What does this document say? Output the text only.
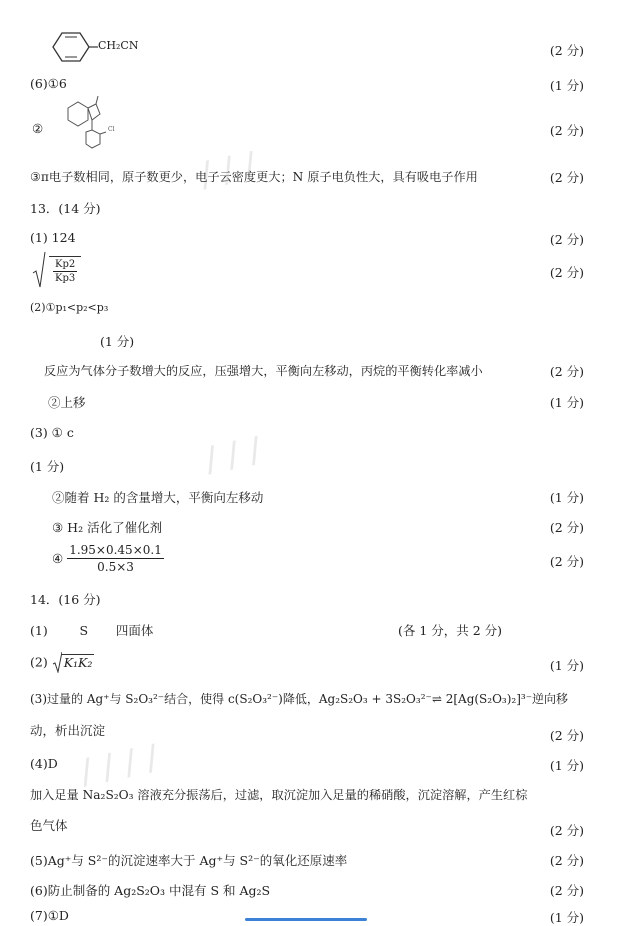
∕ ∕ ∕
∕ ∕ ∕
∕ ∕ ∕ ∕
CH₂CN	(2 分)
(6)①6	(1 分)
②	Cl	(2 分)
③π电子数相同，原子数更少，电子云密度更大；N 原子电负性大，具有吸电子作用	(2 分)
13．(14 分)
(1) 124	(2 分)

$\frac{Kp2}{Kp3}$	(2 分)
(2)①p₁<p₂<p₃
(1 分)
反应为气体分子数增大的反应，压强增大，平衡向左移动，丙烷的平衡转化率减小	(2 分)
②上移	(1 分)
(3) ① c
(1 分)
②随着 H₂ 的含量增大，平衡向左移动	(1 分)
③ H₂ 活化了催化剂	(2 分)
④ $\frac{1.95\times 0.45\times 0.1}{0.5\times 3}$	(2 分)
14．(16 分)
(1)        S       四面体	(各 1 分，共 2 分)
(2) K₁K₂	(1 分)
(3)过量的 Ag⁺与 S₂O₃²⁻结合，使得 c(S₂O₃²⁻)降低，Ag₂S₂O₃ + 3S₂O₃²⁻⇌ 2[Ag(S₂O₃)₂]³⁻逆向移
动，析出沉淀	(2 分)
(4)D	(1 分)
加入足量 Na₂S₂O₃ 溶液充分振荡后，过滤，取沉淀加入足量的稀硝酸，沉淀溶解，产生红棕
色气体	(2 分)
(5)Ag⁺与 S²⁻的沉淀速率大于 Ag⁺与 S²⁻的氧化还原速率	(2 分)
(6)防止制备的 Ag₂S₂O₃ 中混有 S 和 Ag₂S	(2 分)
(7)①D	(1 分)
